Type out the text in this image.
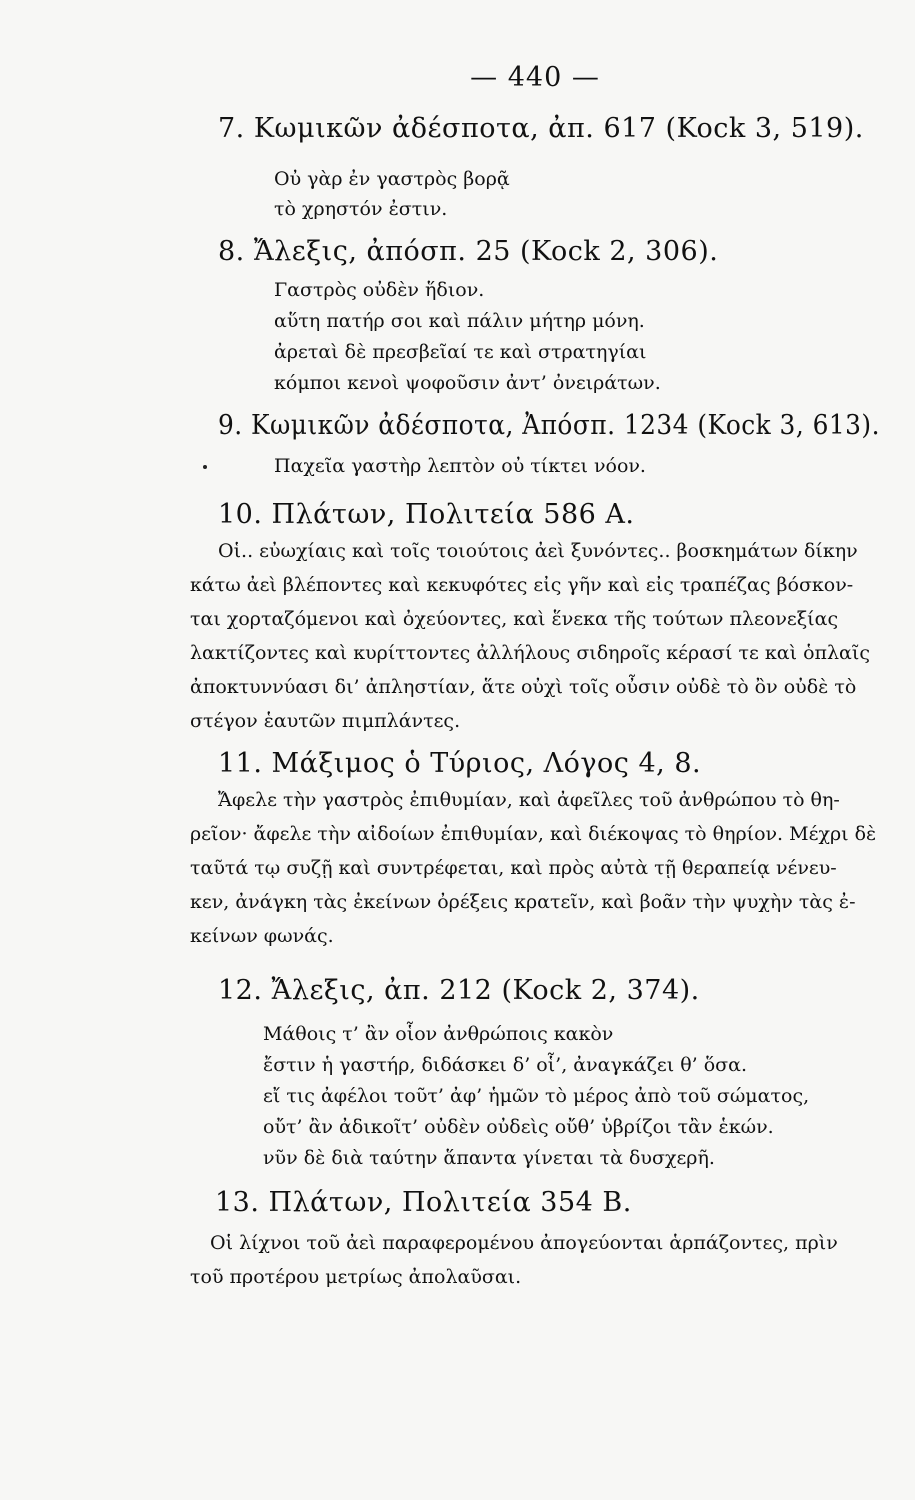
— 440 —
7. Κωμικῶν ἀδέσποτα, ἀπ. 617 (Kock 3, 519).
Οὐ γὰρ ἐν γαστρὸς βορᾷ
τὸ χρηστόν ἐστιν.
8. Ἄλεξις, ἀπόσπ. 25 (Kock 2, 306).
Γαστρὸς οὐδὲν ἥδιον.
αὕτη πατήρ σοι καὶ πάλιν μήτηρ μόνη.
ἀρεταὶ δὲ πρεσβεῖαί τε καὶ στρατηγίαι
κόμποι κενοὶ ψοφοῦσιν ἀντ’ ὀνειράτων.
9. Κωμικῶν ἀδέσποτα, Ἀπόσπ. 1234 (Kock 3, 613).
Παχεῖα γαστὴρ λεπτὸν οὐ τίκτει νόον.
10. Πλάτων, Πολιτεία 586 A.
Οἱ.. εὐωχίαις καὶ τοῖς τοιούτοις ἀεὶ ξυνόντες.. βοσκημάτων δίκην
κάτω ἀεὶ βλέποντες καὶ κεκυφότες εἰς γῆν καὶ εἰς τραπέζας βόσκον-
ται χορταζόμενοι καὶ ὀχεύοντες, καὶ ἕνεκα τῆς τούτων πλεονεξίας
λακτίζοντες καὶ κυρίττοντες ἀλλήλους σιδηροῖς κέρασί τε καὶ ὁπλαῖς
ἀποκτυννύασι δι’ ἀπληστίαν, ἅτε οὐχὶ τοῖς οὖσιν οὐδὲ τὸ ὂν οὐδὲ τὸ
στέγον ἑαυτῶν πιμπλάντες.
11. Μάξιμος ὁ Τύριος, Λόγος 4, 8.
Ἄφελε τὴν γαστρὸς ἐπιθυμίαν, καὶ ἀφεῖλες τοῦ ἀνθρώπου τὸ θη-
ρεῖον· ἄφελε τὴν αἰδοίων ἐπιθυμίαν, καὶ διέκοψας τὸ θηρίον. Μέχρι δὲ
ταῦτά τῳ συζῇ καὶ συντρέφεται, καὶ πρὸς αὐτὰ τῇ θεραπείᾳ νένευ-
κεν, ἀνάγκη τὰς ἐκείνων ὀρέξεις κρατεῖν, καὶ βοᾶν τὴν ψυχὴν τὰς ἐ-
κείνων φωνάς.
12. Ἄλεξις, ἀπ. 212 (Kock 2, 374).
Μάθοις τ’ ἂν οἷον ἀνθρώποις κακὸν
ἔστιν ἡ γαστήρ, διδάσκει δ’ οἷ’, ἀναγκάζει θ’ ὅσα.
εἴ τις ἀφέλοι τοῦτ’ ἀφ’ ἡμῶν τὸ μέρος ἀπὸ τοῦ σώματος,
οὔτ’ ἂν ἀδικοῖτ’ οὐδὲν οὐδεὶς οὔθ’ ὑβρίζοι τἂν ἑκών.
νῦν δὲ διὰ ταύτην ἅπαντα γίνεται τὰ δυσχερῆ.
13. Πλάτων, Πολιτεία 354 B.
Οἱ λίχνοι τοῦ ἀεὶ παραφερομένου ἀπογεύονται ἁρπάζοντες, πρὶν
τοῦ προτέρου μετρίως ἀπολαῦσαι.
